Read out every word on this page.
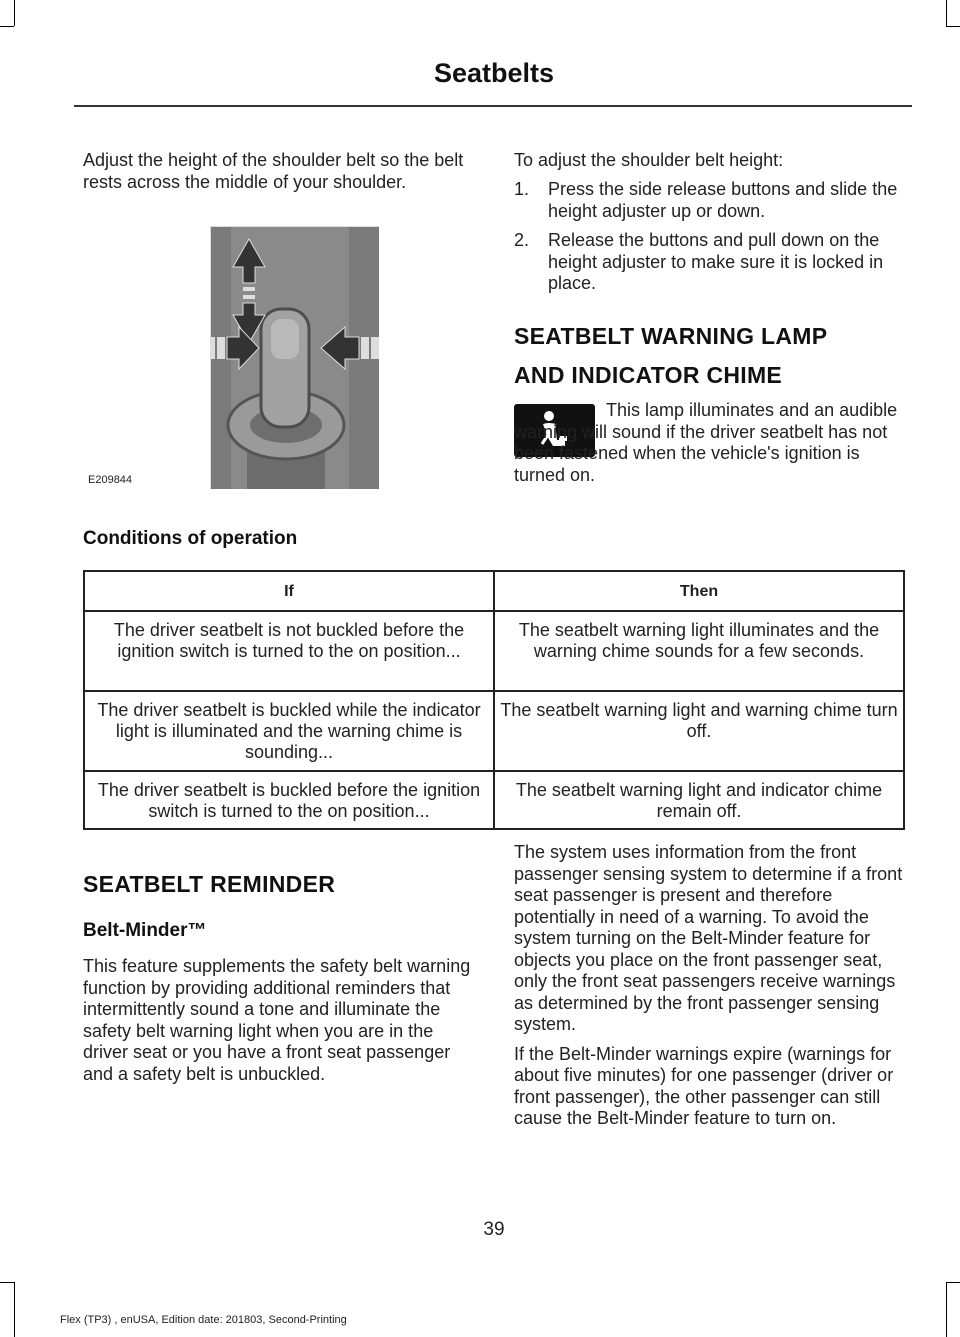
Seatbelts

Adjust the height of the shoulder belt so the belt rests across the middle of your shoulder.

E209844

To adjust the shoulder belt height:

1. Press the side release buttons and slide the height adjuster up or down.
2. Release the buttons and pull down on the height adjuster to make sure it is locked in place.
SEATBELT WARNING LAMP
AND INDICATOR CHIME

This lamp illuminates and an audible warning will sound if the driver seatbelt has not been fastened when the vehicle's ignition is turned on.

Conditions of operation
If	Then
The driver seatbelt is not buckled before the ignition switch is turned to the on position...	The seatbelt warning light illuminates and the warning chime sounds for a few seconds.
The driver seatbelt is buckled while the indicator light is illuminated and the warning chime is sounding...	The seatbelt warning light and warning chime turn off.
The driver seatbelt is buckled before the ignition switch is turned to the on position...	The seatbelt warning light and indicator chime remain off.
SEATBELT REMINDER
Belt-Minder™

This feature supplements the safety belt warning function by providing additional reminders that intermittently sound a tone and illuminate the safety belt warning light when you are in the driver seat or you have a front seat passenger and a safety belt is unbuckled.

The system uses information from the front passenger sensing system to determine if a front seat passenger is present and therefore potentially in need of a warning. To avoid the system turning on the Belt-Minder feature for objects you place on the front passenger seat, only the front seat passengers receive warnings as determined by the front passenger sensing system.

If the Belt-Minder warnings expire (warnings for about five minutes) for one passenger (driver or front passenger), the other passenger can still cause the Belt-Minder feature to turn on.

39
Flex (TP3) , enUSA, Edition date: 201803, Second-Printing
